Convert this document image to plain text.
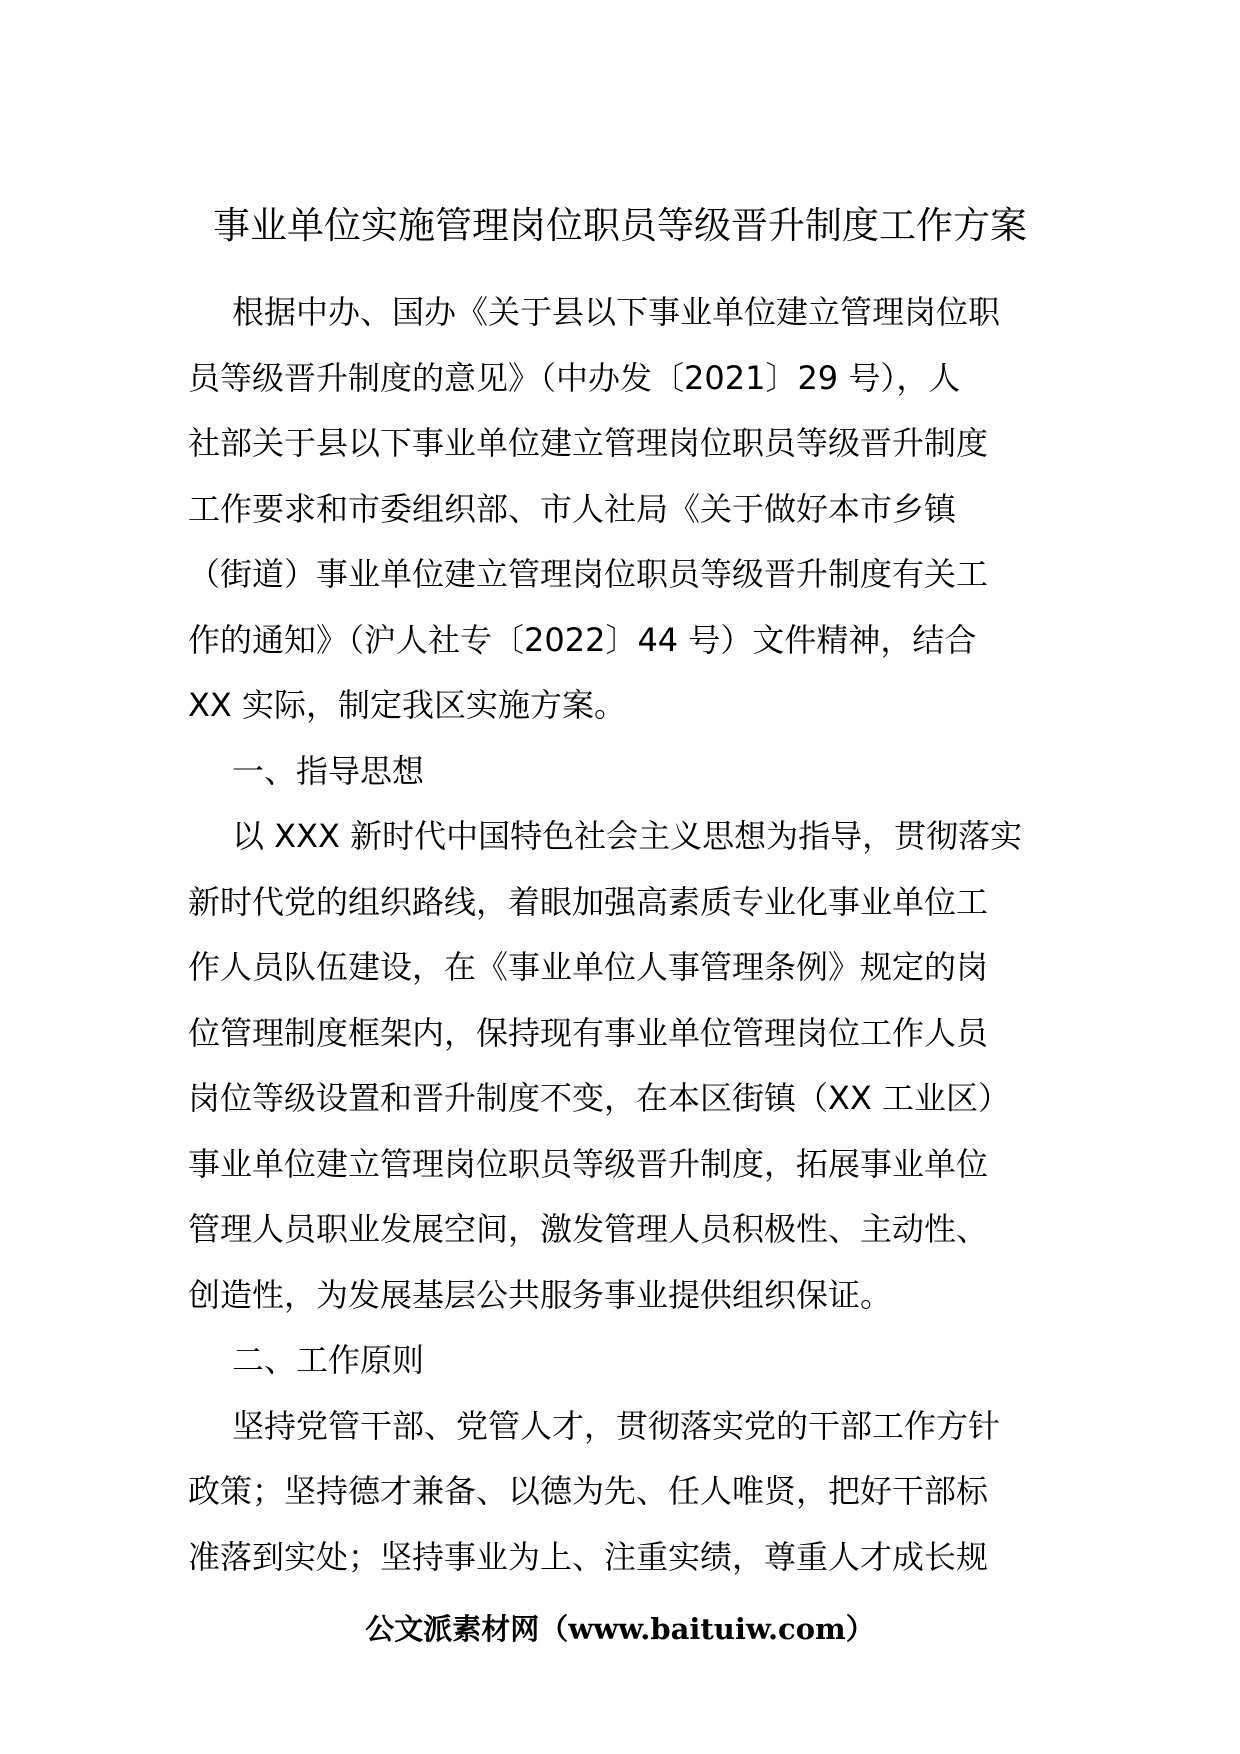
事业单位实施管理岗位职员等级晋升制度工作方案
根据中办、国办《关于县以下事业单位建立管理岗位职
员等级晋升制度的意见》（中办发〔2021〕29 号），人
社部关于县以下事业单位建立管理岗位职员等级晋升制度
工作要求和市委组织部、市人社局《关于做好本市乡镇
（街道）事业单位建立管理岗位职员等级晋升制度有关工
作的通知》（沪人社专〔2022〕44 号）文件精神，结合
XX 实际，制定我区实施方案。
一、指导思想
以 XXX 新时代中国特色社会主义思想为指导，贯彻落实
新时代党的组织路线，着眼加强高素质专业化事业单位工
作人员队伍建设，在《事业单位人事管理条例》规定的岗
位管理制度框架内，保持现有事业单位管理岗位工作人员
岗位等级设置和晋升制度不变，在本区街镇（XX 工业区）
事业单位建立管理岗位职员等级晋升制度，拓展事业单位
管理人员职业发展空间，激发管理人员积极性、主动性、
创造性，为发展基层公共服务事业提供组织保证。
二、工作原则
坚持党管干部、党管人才，贯彻落实党的干部工作方针
政策；坚持德才兼备、以德为先、任人唯贤，把好干部标
准落到实处；坚持事业为上、注重实绩，尊重人才成长规
公文派素材网（www.baituiw.com）
